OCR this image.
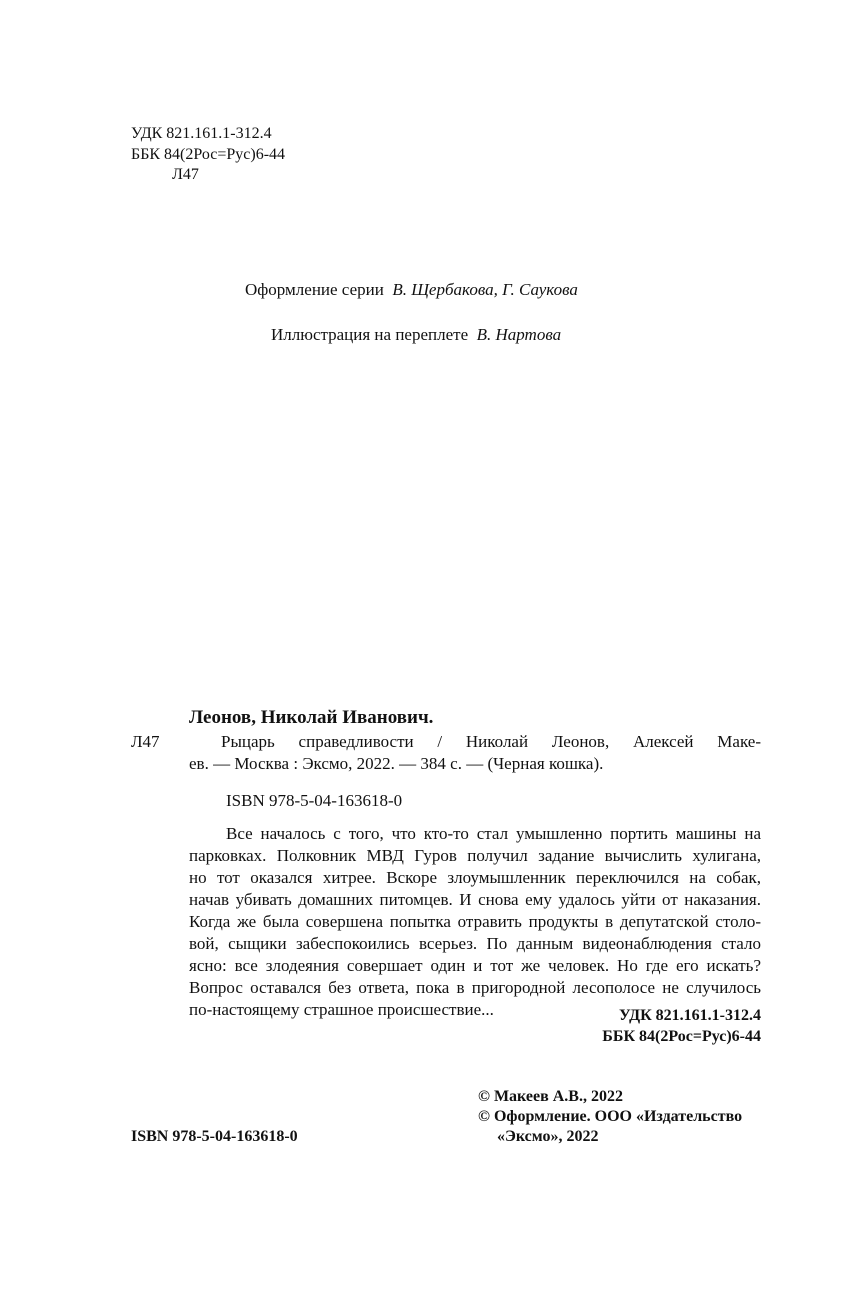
УДК 821.161.1-312.4
ББК 84(2Рос=Рус)6-44
Л47
Оформление серии В. Щербакова, Г. Саукова
Иллюстрация на переплете В. Нартова
Леонов, Николай Иванович.
Л47	Рыцарь справедливости / Николай Леонов, Алексей Маке-
ев. — Москва : Эксмо, 2022. — 384 с. — (Черная кошка).
ISBN 978-5-04-163618-0
Все началось с того, что кто-то стал умышленно портить машины на
парковках. Полковник МВД Гуров получил задание вычислить хулигана,
но тот оказался хитрее. Вскоре злоумышленник переключился на собак,
начав убивать домашних питомцев. И снова ему удалось уйти от наказания.
Когда же была совершена попытка отравить продукты в депутатской столо-
вой, сыщики забеспокоились всерьез. По данным видеонаблюдения стало
ясно: все злодеяния совершает один и тот же человек. Но где его искать?
Вопрос оставался без ответа, пока в пригородной лесополосе не случилось
по-настоящему страшное происшествие...	УДК 821.161.1-312.4
ББК 84(2Рос=Рус)6-44
ISBN 978-5-04-163618-0
© Макеев А.В., 2022
© Оформление. ООО «Издательство
«Эксмо», 2022
